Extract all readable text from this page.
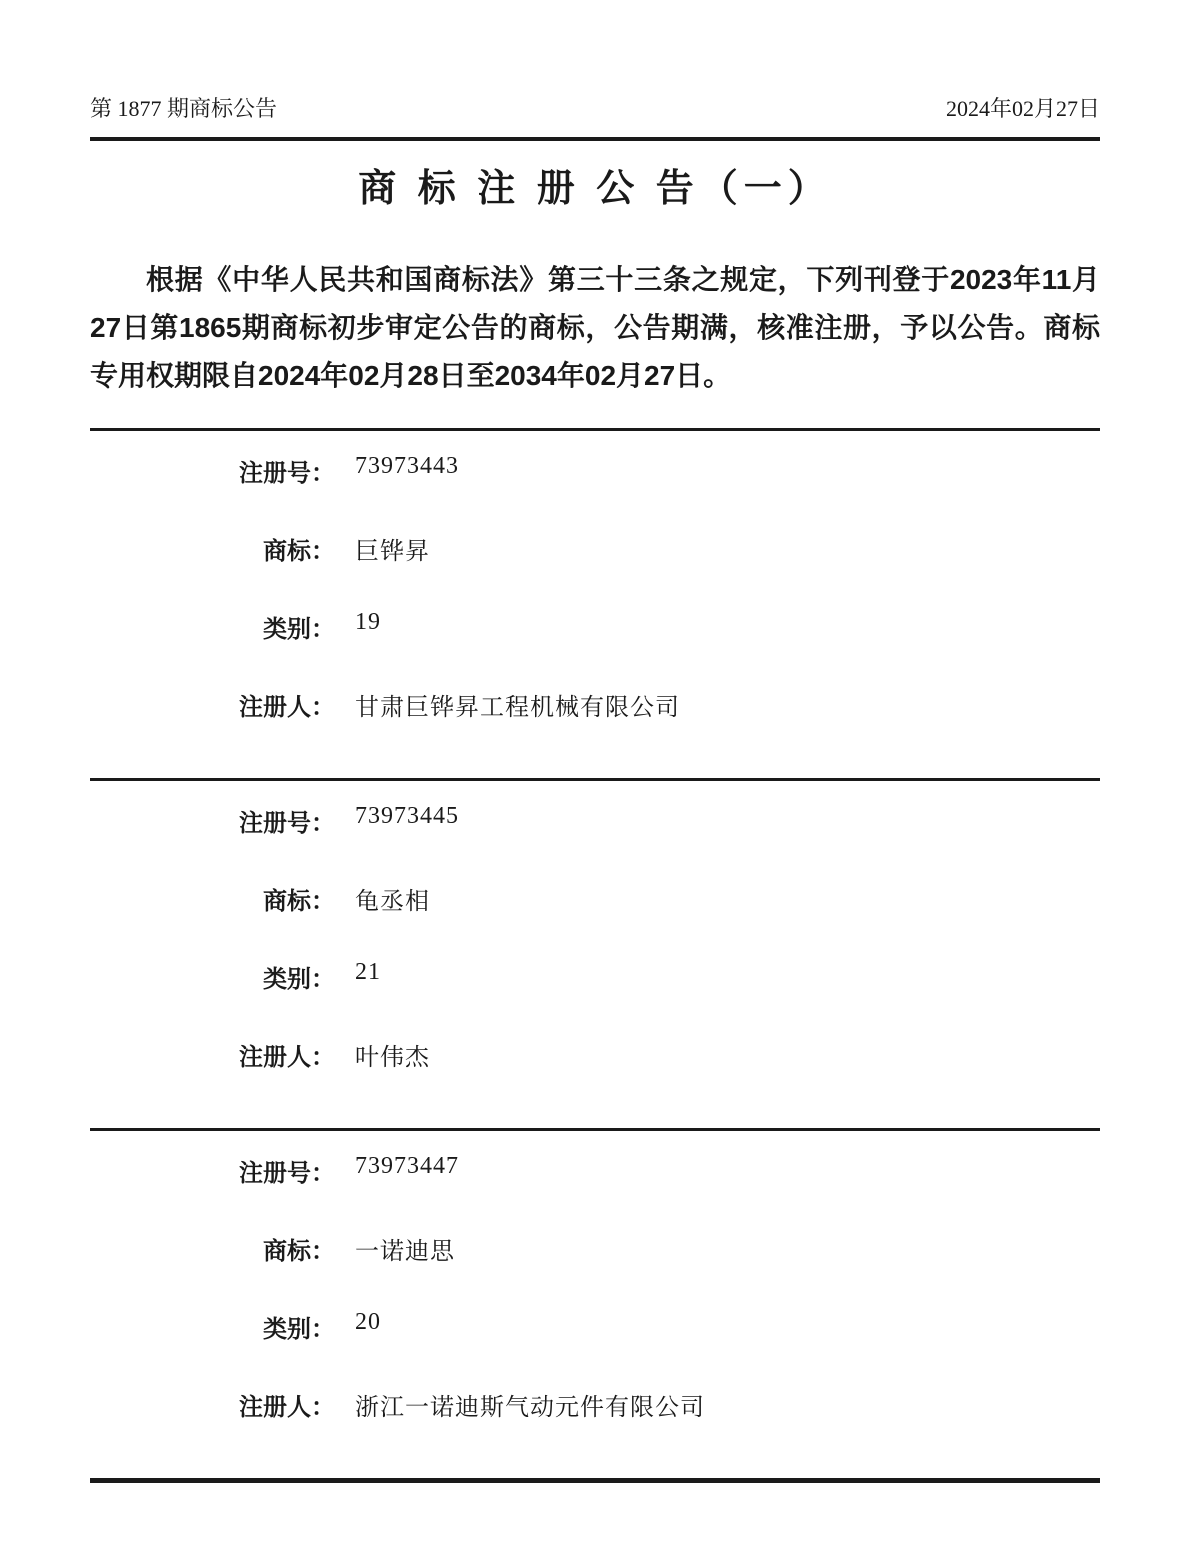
第 1877 期商标公告	2024年02月27日
商 标 注 册 公 告（一）

根据《中华人民共和国商标法》第三十三条之规定，下列刊登于2023年11月27日第1865期商标初步审定公告的商标，公告期满，核准注册，予以公告。商标专用权期限自2024年02月28日至2034年02月27日。

注册号： 73973443
商标： 巨铧昇
类别： 19
注册人： 甘肃巨铧昇工程机械有限公司
注册号： 73973445
商标： 龟丞相
类别： 21
注册人： 叶伟杰
注册号： 73973447
商标： 一诺迪思
类别： 20
注册人： 浙江一诺迪斯气动元件有限公司
